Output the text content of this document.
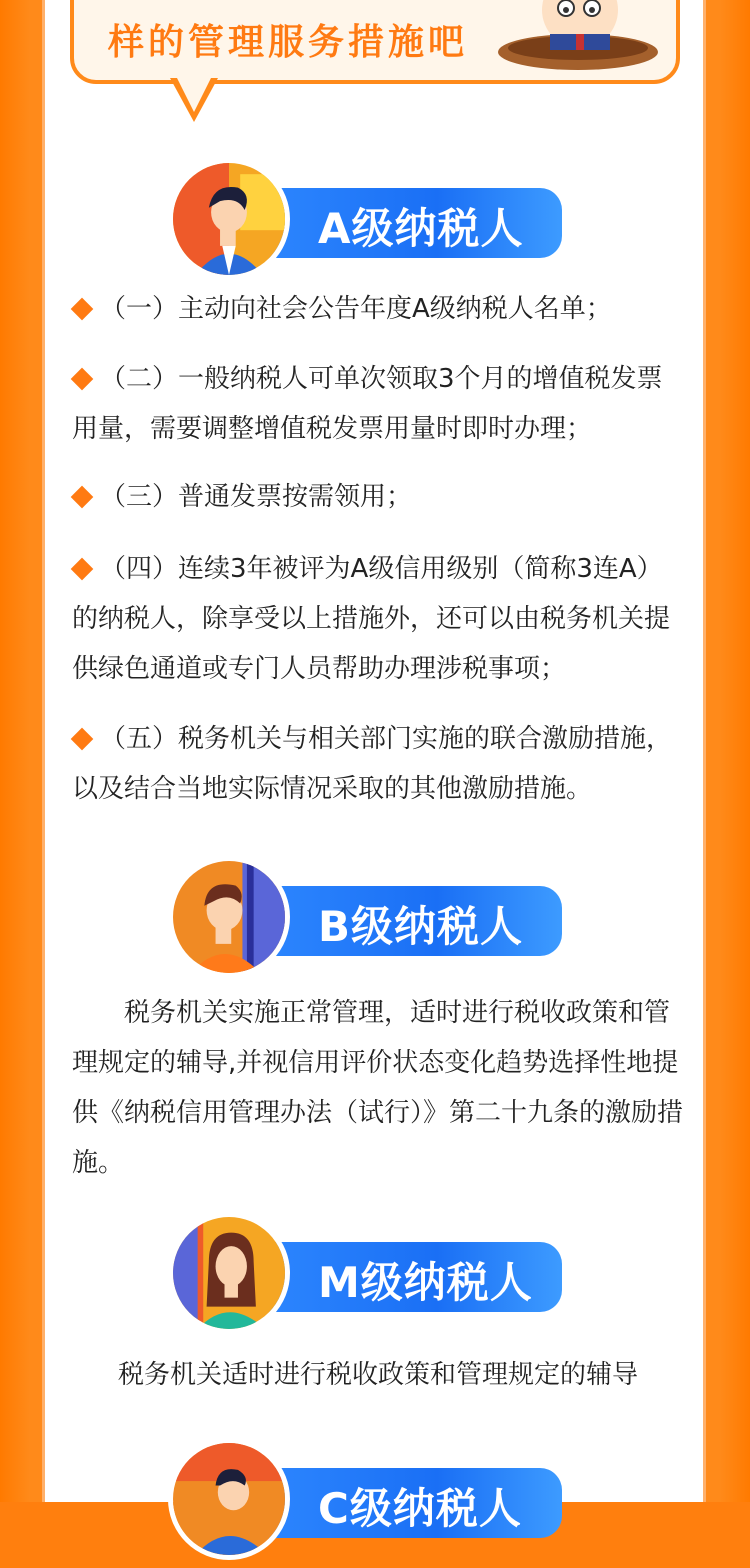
样的管理服务措施吧
A级纳税人
（一）主动向社会公告年度A级纳税人名单；
（二）一般纳税人可单次领取3个月的增值税发票用量，需要调整增值税发票用量时即时办理；
（三）普通发票按需领用；
（四）连续3年被评为A级信用级别（简称3连A）的纳税人，除享受以上措施外，还可以由税务机关提供绿色通道或专门人员帮助办理涉税事项；
（五）税务机关与相关部门实施的联合激励措施，以及结合当地实际情况采取的其他激励措施。
B级纳税人
税务机关实施正常管理，适时进行税收政策和管理规定的辅导,并视信用评价状态变化趋势选择性地提供《纳税信用管理办法（试行）》第二十九条的激励措施。
M级纳税人
税务机关适时进行税收政策和管理规定的辅导
C级纳税人
